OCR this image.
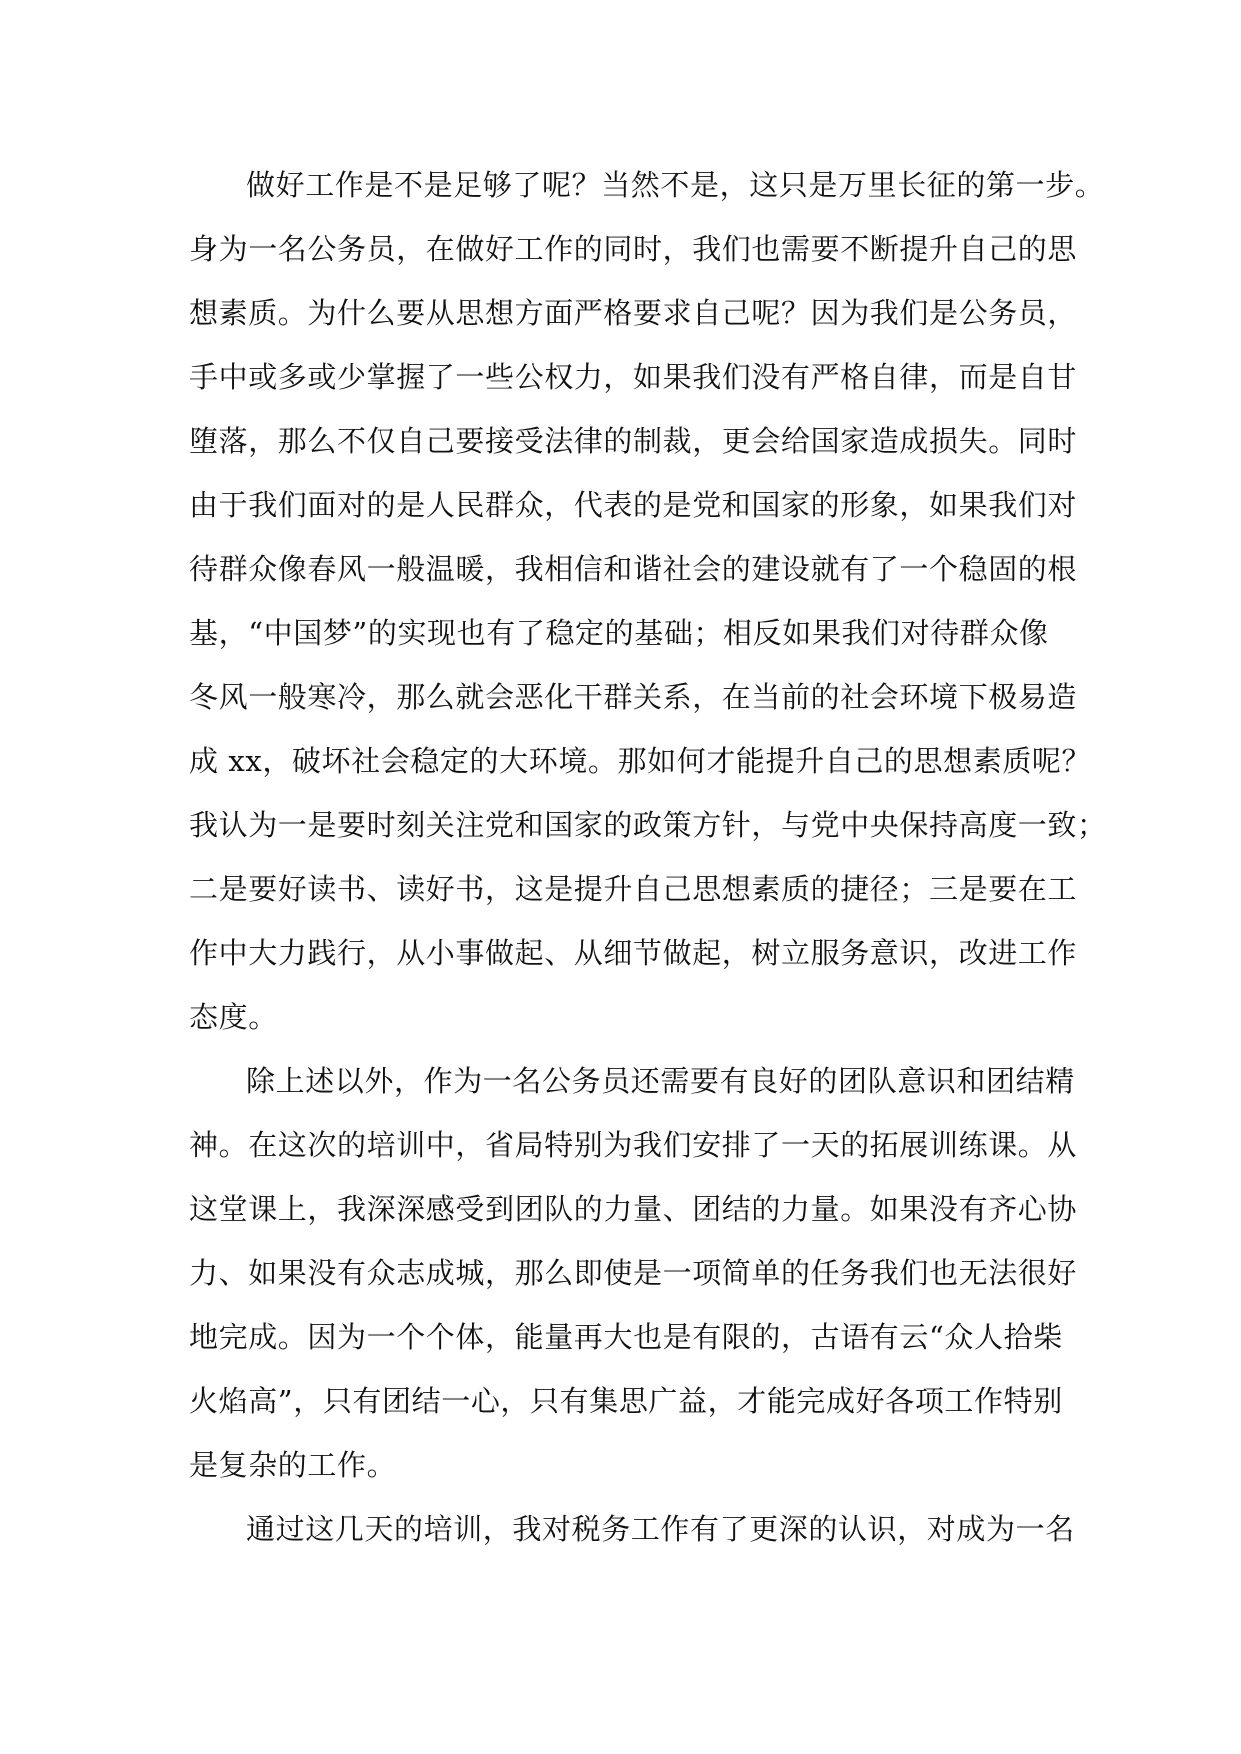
做好工作是不是足够了呢？当然不是，这只是万里长征的第一步。

身为一名公务员，在做好工作的同时，我们也需要不断提升自己的思

想素质。为什么要从思想方面严格要求自己呢？因为我们是公务员，

手中或多或少掌握了一些公权力，如果我们没有严格自律，而是自甘

堕落，那么不仅自己要接受法律的制裁，更会给国家造成损失。同时

由于我们面对的是人民群众，代表的是党和国家的形象，如果我们对

待群众像春风一般温暖，我相信和谐社会的建设就有了一个稳固的根

基，“中国梦”的实现也有了稳定的基础；相反如果我们对待群众像

冬风一般寒冷，那么就会恶化干群关系，在当前的社会环境下极易造

成 xx，破坏社会稳定的大环境。那如何才能提升自己的思想素质呢？

我认为一是要时刻关注党和国家的政策方针，与党中央保持高度一致；

二是要好读书、读好书，这是提升自己思想素质的捷径；三是要在工

作中大力践行，从小事做起、从细节做起，树立服务意识，改进工作

态度。

除上述以外，作为一名公务员还需要有良好的团队意识和团结精

神。在这次的培训中，省局特别为我们安排了一天的拓展训练课。从

这堂课上，我深深感受到团队的力量、团结的力量。如果没有齐心协

力、如果没有众志成城，那么即使是一项简单的任务我们也无法很好

地完成。因为一个个体，能量再大也是有限的，古语有云“众人拾柴

火焰高”，只有团结一心，只有集思广益，才能完成好各项工作特别

是复杂的工作。

通过这几天的培训，我对税务工作有了更深的认识，对成为一名
